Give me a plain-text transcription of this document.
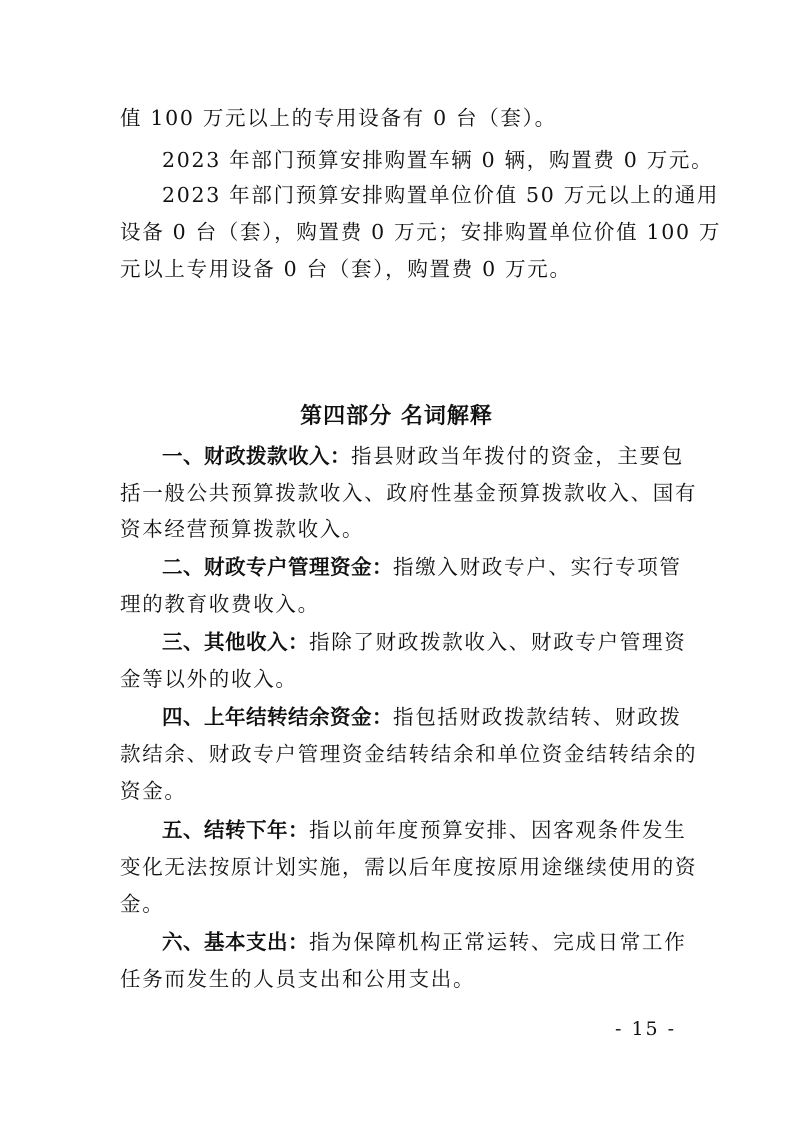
值 100 万元以上的专用设备有 0 台（套）。
2023 年部门预算安排购置车辆 0 辆，购置费 0 万元。
2023 年部门预算安排购置单位价值 50 万元以上的通用
设备 0 台（套），购置费 0 万元；安排购置单位价值 100 万
元以上专用设备 0 台（套），购置费 0 万元。
第四部分 名词解释
一、财政拨款收入：指县财政当年拨付的资金，主要包
括一般公共预算拨款收入、政府性基金预算拨款收入、国有
资本经营预算拨款收入。
二、财政专户管理资金：指缴入财政专户、实行专项管
理的教育收费收入。
三、其他收入：指除了财政拨款收入、财政专户管理资
金等以外的收入。
四、上年结转结余资金：指包括财政拨款结转、财政拨
款结余、财政专户管理资金结转结余和单位资金结转结余的
资金。
五、结转下年：指以前年度预算安排、因客观条件发生
变化无法按原计划实施，需以后年度按原用途继续使用的资
金。
六、基本支出：指为保障机构正常运转、完成日常工作
任务而发生的人员支出和公用支出。
- 15 -
